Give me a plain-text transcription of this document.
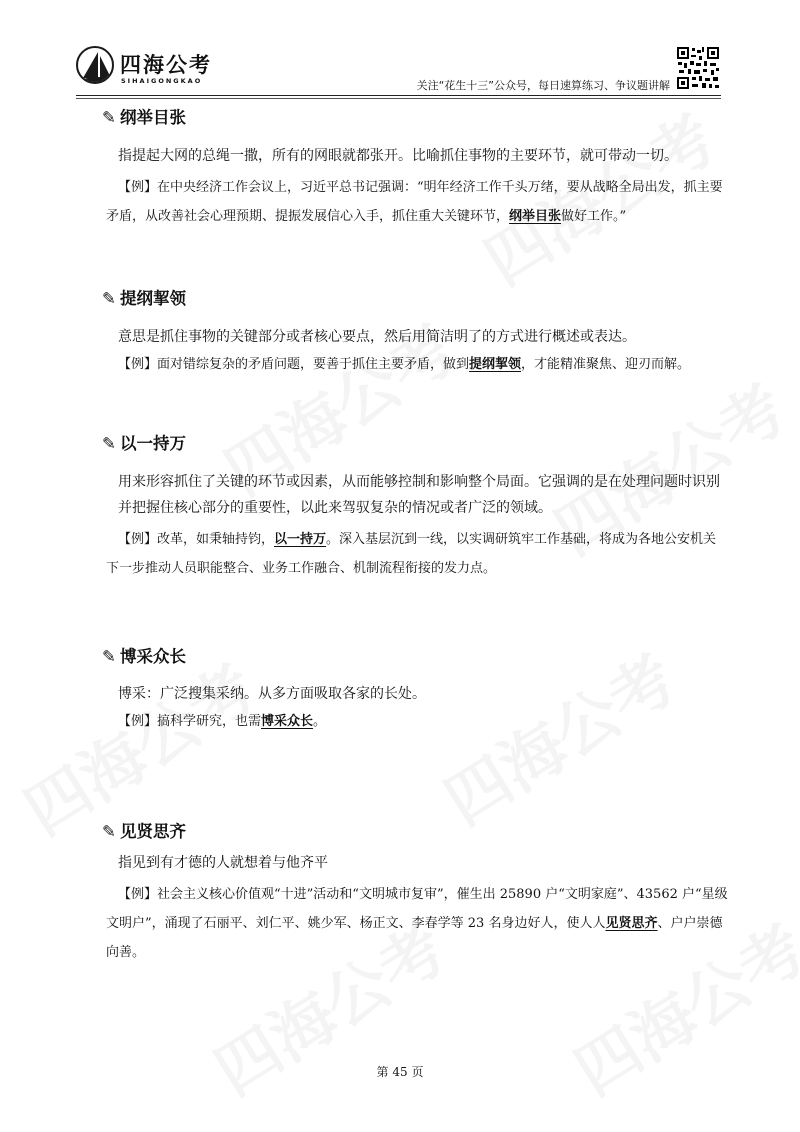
四海公考
SIHAIGONGKAO	关注“花生十三”公众号，每日速算练习、争议题讲解
✎ 纲举目张

指提起大网的总绳一撒，所有的网眼就都张开。比喻抓住事物的主要环节，就可带动一切。

【例】在中央经济工作会议上，习近平总书记强调：“明年经济工作千头万绪，要从战略全局出发，抓主要矛盾，从改善社会心理预期、提振发展信心入手，抓住重大关键环节，纲举目张做好工作。”

✎ 提纲挈领

意思是抓住事物的关键部分或者核心要点，然后用简洁明了的方式进行概述或表达。

【例】面对错综复杂的矛盾问题，要善于抓住主要矛盾，做到提纲挈领，才能精准聚焦、迎刃而解。

✎ 以一持万

用来形容抓住了关键的环节或因素，从而能够控制和影响整个局面。它强调的是在处理问题时识别并把握住核心部分的重要性，以此来驾驭复杂的情况或者广泛的领域。

【例】改革，如秉轴持钧，以一持万。深入基层沉到一线，以实调研筑牢工作基础，将成为各地公安机关下一步推动人员职能整合、业务工作融合、机制流程衔接的发力点。

✎ 博采众长

博采：广泛搜集采纳。从多方面吸取各家的长处。

【例】搞科学研究，也需博采众长。

✎ 见贤思齐

指见到有才德的人就想着与他齐平

【例】社会主义核心价值观“十进”活动和“文明城市复审”，催生出 25890 户“文明家庭”、43562 户“星级文明户”，涌现了石丽平、刘仁平、姚少军、杨正文、李春学等 23 名身边好人，使人人见贤思齐、户户崇德向善。

第 45 页
